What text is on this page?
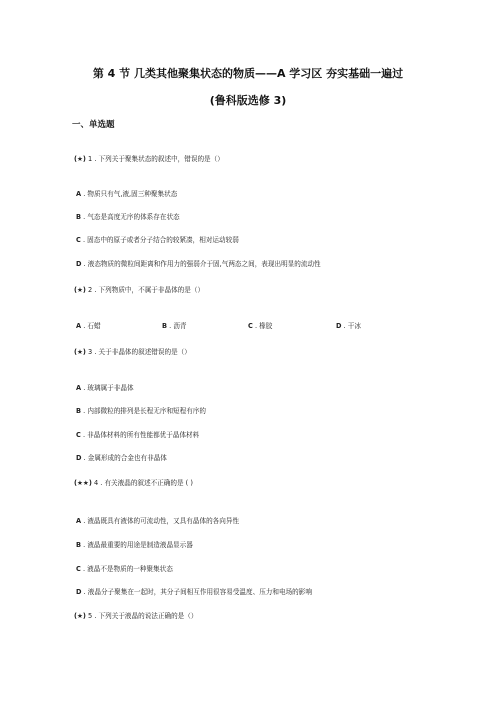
第 4 节 几类其他聚集状态的物质——A 学习区 夯实基础一遍过
(鲁科版选修 3)
一、单选题
(★) 1 . 下列关于聚集状态的叙述中，错误的是（）
A . 物质只有气,液,固三种聚集状态
B . 气态是高度无序的体系存在状态
C . 固态中的原子或者分子结合的较紧凑，相对运动较弱
D . 液态物质的微粒间距离和作用力的强弱介于固,气两态之间，表现出明显的流动性
(★) 2 . 下列物质中，不属于非晶体的是（）
A . 石蜡	B . 沥青	C . 橡胶	D . 干冰
(★) 3 . 关于非晶体的叙述错误的是（）
A . 玻璃属于非晶体
B . 内部微粒的排列是长程无序和短程有序的
C . 非晶体材料的所有性能都优于晶体材料
D . 金属形成的合金也有非晶体
(★★) 4 . 有关液晶的叙述不正确的是 ( )
A . 液晶既具有液体的可流动性，又具有晶体的各向异性
B . 液晶最重要的用途是制造液晶显示器
C . 液晶不是物质的一种聚集状态
D . 液晶分子聚集在一起时，其分子间相互作用很容易受温度、压力和电场的影响
(★) 5 . 下列关于液晶的说法正确的是（）
